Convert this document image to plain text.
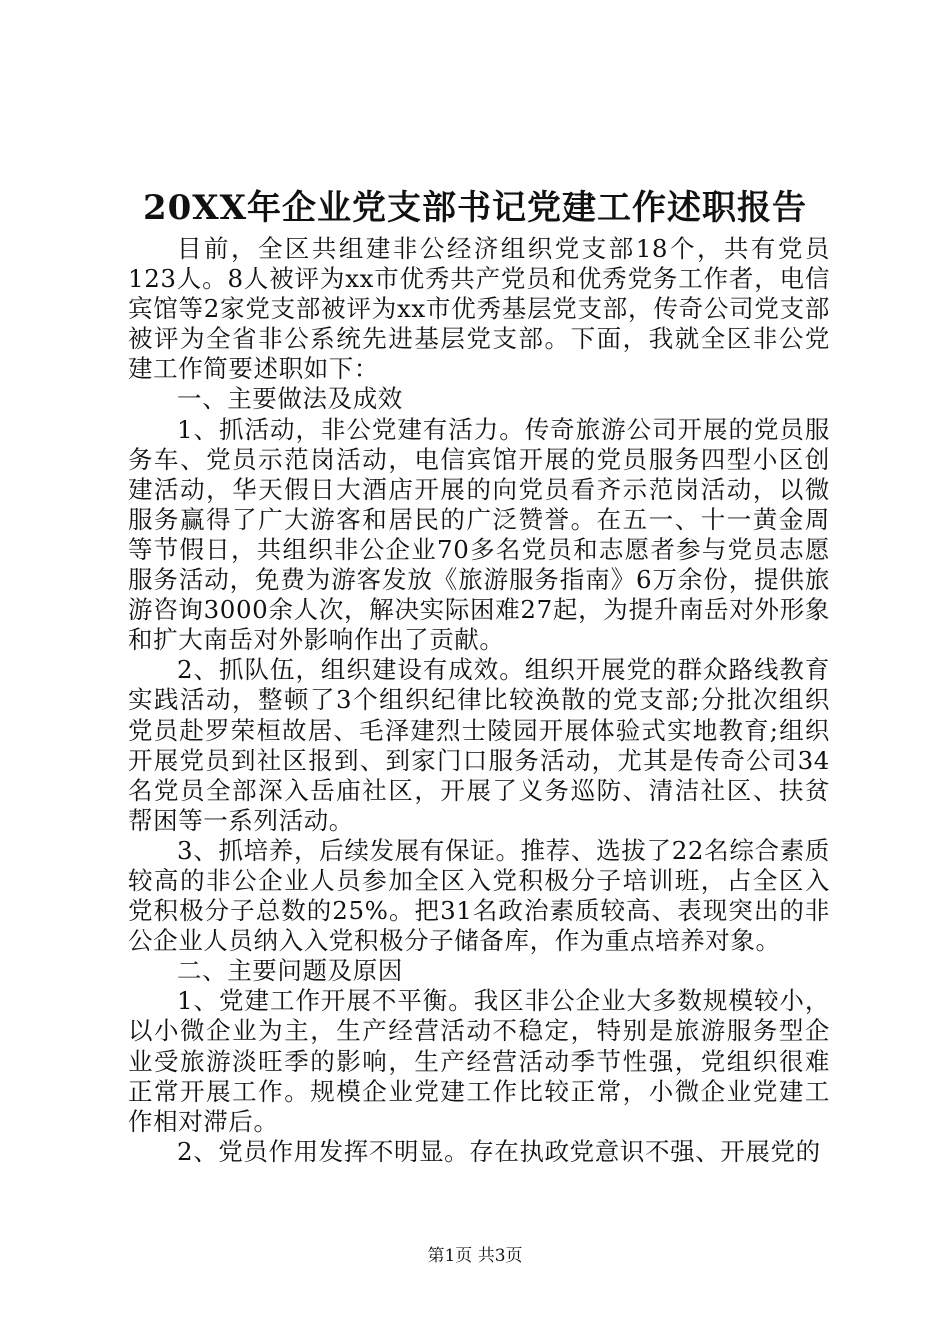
20XX年企业党支部书记党建工作述职报告

目前，全区共组建非公经济组织党支部18个，共有党员123人。8人被评为xx市优秀共产党员和优秀党务工作者，电信宾馆等2家党支部被评为xx市优秀基层党支部，传奇公司党支部被评为全省非公系统先进基层党支部。下面，我就全区非公党建工作简要述职如下：

一、主要做法及成效

1、抓活动，非公党建有活力。传奇旅游公司开展的党员服务车、党员示范岗活动，电信宾馆开展的党员服务四型小区创建活动，华天假日大酒店开展的向党员看齐示范岗活动，以微服务赢得了广大游客和居民的广泛赞誉。在五一、十一黄金周等节假日，共组织非公企业70多名党员和志愿者参与党员志愿服务活动，免费为游客发放《旅游服务指南》6万余份，提供旅游咨询3000余人次，解决实际困难27起，为提升南岳对外形象和扩大南岳对外影响作出了贡献。

2、抓队伍，组织建设有成效。组织开展党的群众路线教育实践活动，整顿了3个组织纪律比较涣散的党支部;分批次组织党员赴罗荣桓故居、毛泽建烈士陵园开展体验式实地教育;组织开展党员到社区报到、到家门口服务活动，尤其是传奇公司34名党员全部深入岳庙社区，开展了义务巡防、清洁社区、扶贫帮困等一系列活动。

3、抓培养，后续发展有保证。推荐、选拔了22名综合素质较高的非公企业人员参加全区入党积极分子培训班，占全区入党积极分子总数的25%。把31名政治素质较高、表现突出的非公企业人员纳入入党积极分子储备库，作为重点培养对象。

二、主要问题及原因

1、党建工作开展不平衡。我区非公企业大多数规模较小，以小微企业为主，生产经营活动不稳定，特别是旅游服务型企业受旅游淡旺季的影响，生产经营活动季节性强，党组织很难正常开展工作。规模企业党建工作比较正常，小微企业党建工作相对滞后。

2、党员作用发挥不明显。存在执政党意识不强、开展党的

第1页 共3页
